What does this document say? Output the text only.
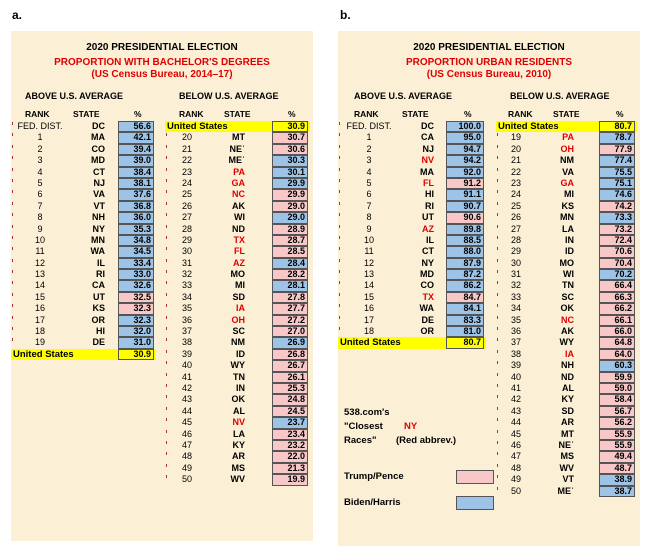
a.	b.
2020 PRESIDENTIAL ELECTION
PROPORTION WITH BACHELOR'S DEGREES
(US Census Bureau, 2014–17)
ABOVE U.S. AVERAGE	BELOW U.S. AVERAGE
RANK	STATE	%	RANK STATE	%
FED. DIST.	DC	56.6
1	MA	42.1
2	CO	39.4
3	MD	39.0
4	CT	38.4
5	NJ	38.1
6	VA	37.6
7	VT	36.8
8	NH	36.0
9	NY	35.3
10	MN	34.8
11	WA	34.5
12	IL	33.4
13	RI	33.0
14	CA	32.6
15	UT	32.5
16	KS	32.3
17	OR	32.3
18	HI	32.0
19	DE	31.0
United States	30.9
United States	30.9
20	MT	30.7
21	NEˈ	30.6
22	MEˈ	30.3
23	PA	30.1
24	GA	29.9
25	NC	29.9
26	AK	29.0
27	WI	29.0
28	ND	28.9
29	TX	28.7
30	FL	28.5
31	AZ	28.4
32	MO	28.2
33	MI	28.1
34	SD	27.8
35	IA	27.7
36	OH	27.2
37	SC	27.0
38	NM	26.9
39	ID	26.8
40	WY	26.7
41	TN	26.1
42	IN	25.3
43	OK	24.8
44	AL	24.5
45	NV	23.7
46	LA	23.4
47	KY	23.2
48	AR	22.0
49	MS	21.3
50	WV	19.9
2020 PRESIDENTIAL ELECTION
PROPORTION URBAN RESIDENTS
(US Census Bureau, 2010)
ABOVE U.S. AVERAGE	BELOW U.S. AVERAGE
RANK	STATE	%	RANK STATE	%
FED. DIST.	DC	100.0
1	CA	95.0
2	NJ	94.7
3	NV	94.2
4	MA	92.0
5	FL	91.2
6	HI	91.1
7	RI	90.7
8	UT	90.6
9	AZ	89.8
10	IL	88.5
11	CT	88.0
12	NY	87.9
13	MD	87.2
14	CO	86.2
15	TX	84.7
16	WA	84.1
17	DE	83.3
18	OR	81.0
United States	80.7
United States	80.7
19	PA	78.7
20	OH	77.9
21	NM	77.4
22	VA	75.5
23	GA	75.1
24	MI	74.6
25	KS	74.2
26	MN	73.3
27	LA	73.2
28	IN	72.4
29	ID	70.6
30	MO	70.4
31	WI	70.2
32	TN	66.4
33	SC	66.3
34	OK	66.2
35	NC	66.1
36	AK	66.0
37	WY	64.8
38	IA	64.0
39	NH	60.3
40	ND	59.9
41	AL	59.0
42	KY	58.4
43	SD	56.7
44	AR	56.2
45	MT	55.9
46	NEˈ	55.9
47	MS	49.4
48	WV	48.7
49	VT	38.9
50	MEˈ	38.7
538.com's
"Closest NY
Races" (Red abbrev.)
Trump/Pence
Biden/Harris
